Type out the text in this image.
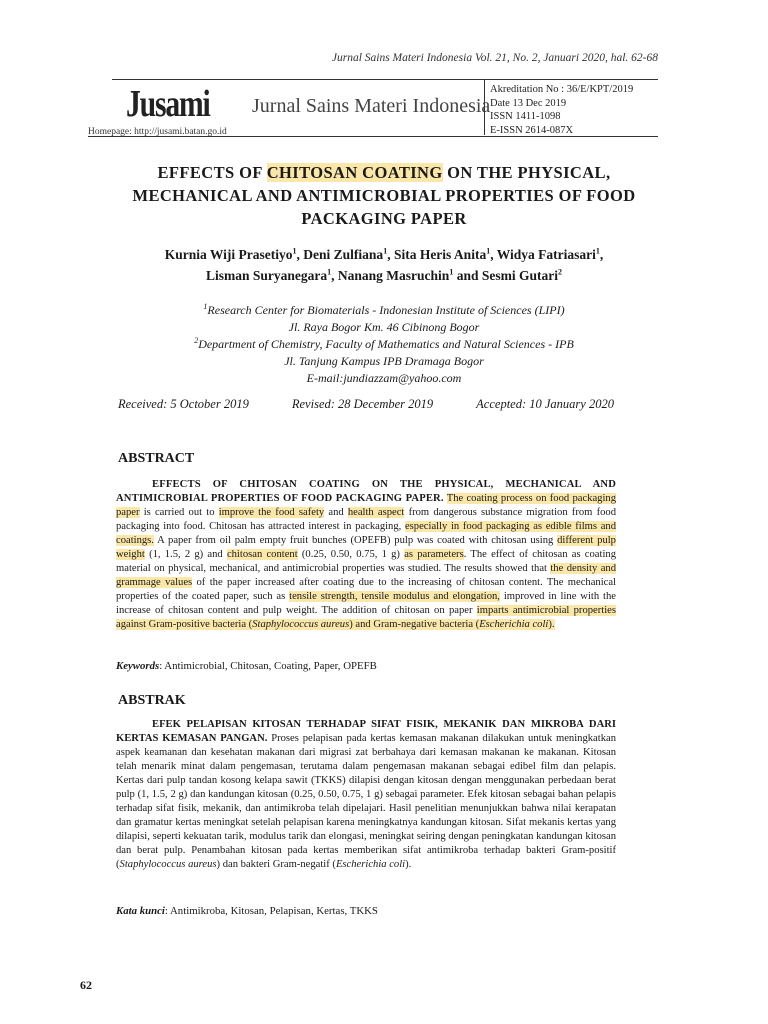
Jurnal Sains Materi Indonesia Vol. 21, No. 2, Januari 2020, hal. 62-68
Jusami
Homepage: http://jusami.batan.go.id
Jurnal Sains Materi Indonesia
Akreditation No : 36/E/KPT/2019
Date 13 Dec 2019
ISSN 1411-1098
E-ISSN 2614-087X
EFFECTS OF CHITOSAN COATING ON THE PHYSICAL, MECHANICAL AND ANTIMICROBIAL PROPERTIES OF FOOD PACKAGING PAPER
Kurnia Wiji Prasetiyo$^1$, Deni Zulfiana$^1$, Sita Heris Anita$^1$, Widya Fatriasari$^1$,
Lisman Suryanegara$^1$, Nanang Masruchin$^1$ and Sesmi Gutari$^2$
$^1$Research Center for Biomaterials - Indonesian Institute of Sciences (LIPI)
Jl. Raya Bogor Km. 46 Cibinong Bogor
$^2$Department of Chemistry, Faculty of Mathematics and Natural Sciences - IPB
Jl. Tanjung Kampus IPB Dramaga Bogor
E-mail:jundiazzam@yahoo.com
Received: 5 October 2019	Revised: 28 December 2019	Accepted: 10 January 2020
ABSTRACT

EFFECTS OF CHITOSAN COATING ON THE PHYSICAL, MECHANICAL AND ANTIMICROBIAL PROPERTIES OF FOOD PACKAGING PAPER. The coating process on food packaging paper is carried out to improve the food safety and health aspect from dangerous substance migration from food packaging into food. Chitosan has attracted interest in packaging, especially in food packaging as edible films and coatings. A paper from oil palm empty fruit bunches (OPEFB) pulp was coated with chitosan using different pulp weight (1, 1.5, 2 g) and chitosan content (0.25, 0.50, 0.75, 1 g) as parameters. The effect of chitosan as coating material on physical, mechanical, and antimicrobial properties was studied. The results showed that the density and grammage values of the paper increased after coating due to the increasing of chitosan content. The mechanical properties of the coated paper, such as tensile strength, tensile modulus and elongation, improved in line with the increase of chitosan content and pulp weight. The addition of chitosan on paper imparts antimicrobial properties against Gram-positive bacteria (Staphylococcus aureus) and Gram-negative bacteria (Escherichia coli).

Keywords: Antimicrobial, Chitosan, Coating, Paper, OPEFB
ABSTRAK

EFEK PELAPISAN KITOSAN TERHADAP SIFAT FISIK, MEKANIK DAN MIKROBA DARI KERTAS KEMASAN PANGAN. Proses pelapisan pada kertas kemasan makanan dilakukan untuk meningkatkan aspek keamanan dan kesehatan makanan dari migrasi zat berbahaya dari kemasan makanan ke makanan. Kitosan telah menarik minat dalam pengemasan, terutama dalam pengemasan makanan sebagai edibel film dan pelapis. Kertas dari pulp tandan kosong kelapa sawit (TKKS) dilapisi dengan kitosan dengan menggunakan perbedaan berat pulp (1, 1.5, 2 g) dan kandungan kitosan (0.25, 0.50, 0.75, 1 g) sebagai parameter. Efek kitosan sebagai bahan pelapis terhadap sifat fisik, mekanik, dan antimikroba telah dipelajari. Hasil penelitian menunjukkan bahwa nilai kerapatan dan gramatur kertas meningkat setelah pelapisan karena meningkatnya kandungan kitosan. Sifat mekanis kertas yang dilapisi, seperti kekuatan tarik, modulus tarik dan elongasi, meningkat seiring dengan peningkatan kandungan kitosan dan berat pulp. Penambahan kitosan pada kertas memberikan sifat antimikroba terhadap bakteri Gram-positif (Staphylococcus aureus) dan bakteri Gram-negatif (Escherichia coli).

Kata kunci: Antimikroba, Kitosan, Pelapisan, Kertas, TKKS
62
